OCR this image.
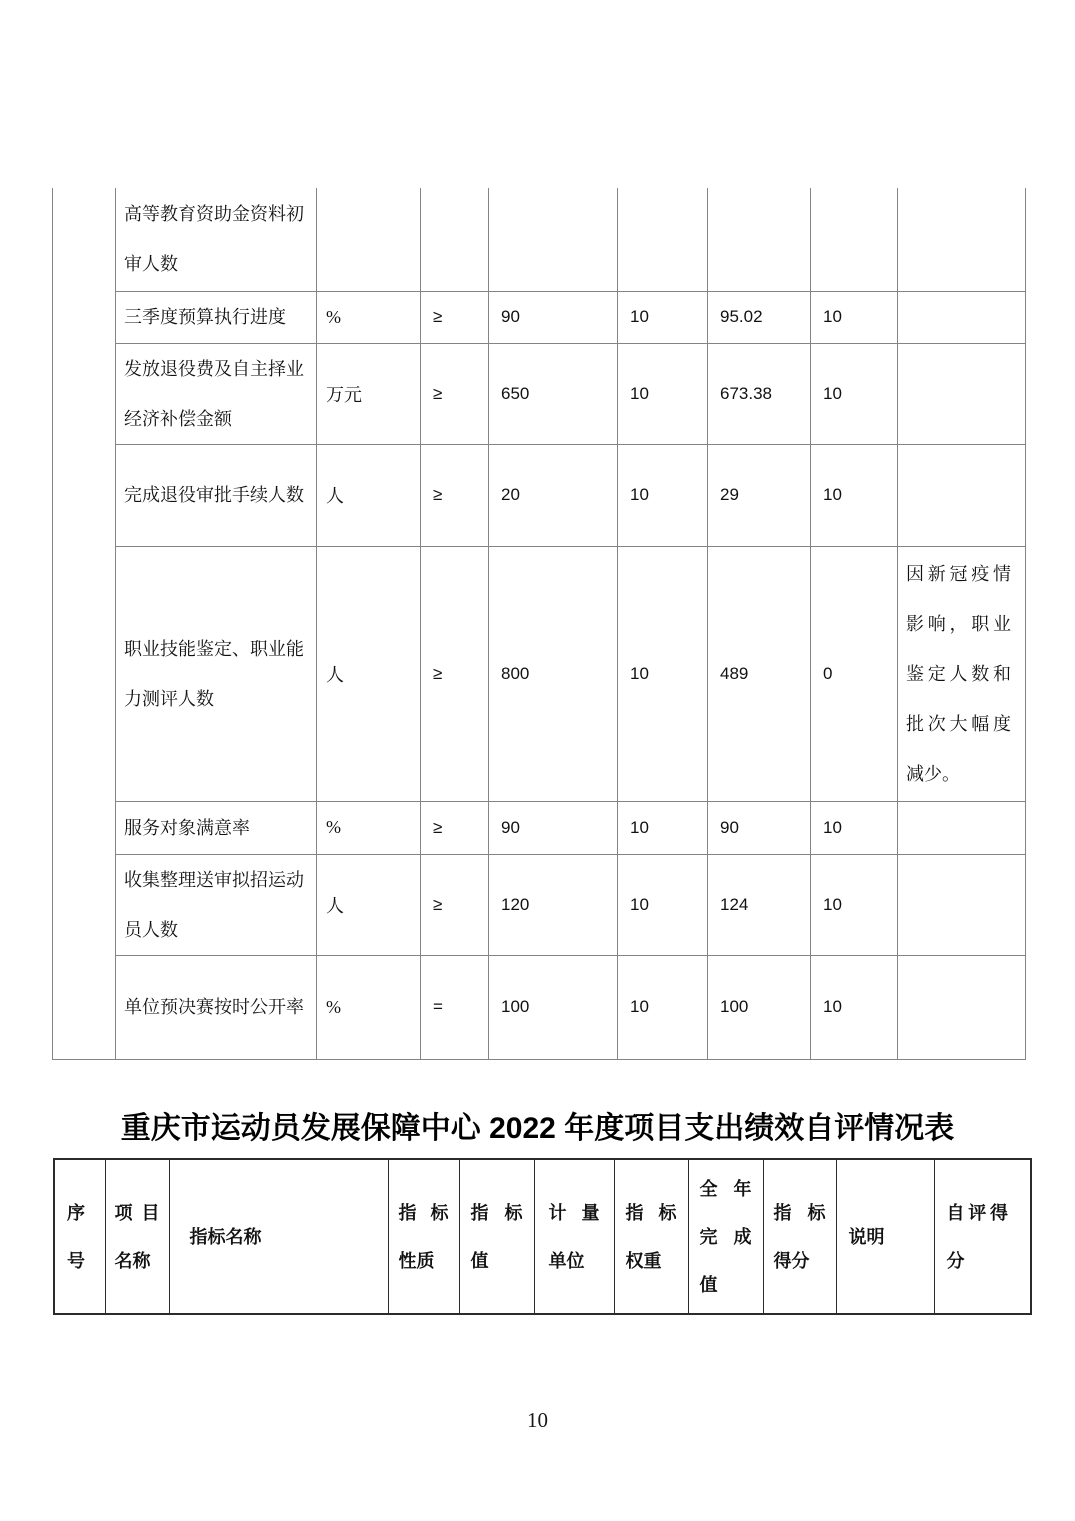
	高等教育资助金资料初审人数							
	三季度预算执行进度	%	≥	90	10	95.02	10	
	发放退役费及自主择业经济补偿金额	万元	≥	650	10	673.38	10	
	完成退役审批手续人数	人	≥	20	10	29	10	
	职业技能鉴定、职业能力测评人数	人	≥	800	10	489	0	因新冠疫情影响，职业鉴定人数和批次大幅度减少。
	服务对象满意率	%	≥	90	10	90	10	
	收集整理送审拟招运动员人数	人	≥	120	10	124	10	
	单位预决赛按时公开率	%	=	100	10	100	10	
重庆市运动员发展保障中心 2022 年度项目支出绩效自评情况表
序号	项目名称	指标名称	指标性质	指标值	计量单位	指标权重	全年完成值	指标得分	说明	自评得分
10
